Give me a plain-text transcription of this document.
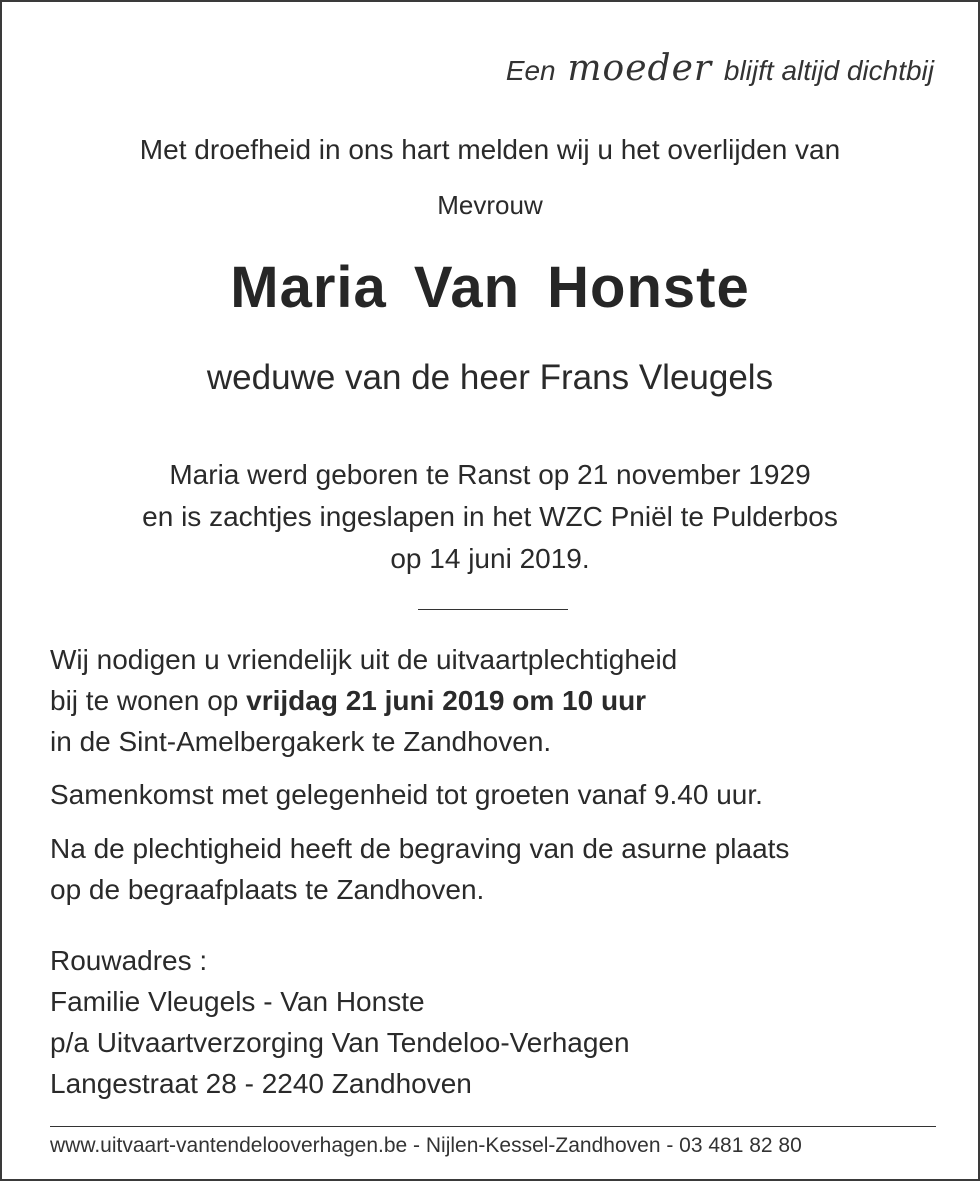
Een moeder blijft altijd dichtbij
Met droefheid in ons hart melden wij u het overlijden van
Mevrouw
Maria Van Honste
weduwe van de heer Frans Vleugels
Maria werd geboren te Ranst op 21 november 1929
en is zachtjes ingeslapen in het WZC Pniël te Pulderbos
op 14 juni 2019.
Wij nodigen u vriendelijk uit de uitvaartplechtigheid
bij te wonen op vrijdag 21 juni 2019 om 10 uur
in de Sint-Amelbergakerk te Zandhoven.
Samenkomst met gelegenheid tot groeten vanaf 9.40 uur.
Na de plechtigheid heeft de begraving van de asurne plaats
op de begraafplaats te Zandhoven.
Rouwadres :
Familie Vleugels - Van Honste
p/a Uitvaartverzorging Van Tendeloo-Verhagen
Langestraat 28 - 2240 Zandhoven
www.uitvaart-vantendelooverhagen.be - Nijlen-Kessel-Zandhoven - 03 481 82 80
